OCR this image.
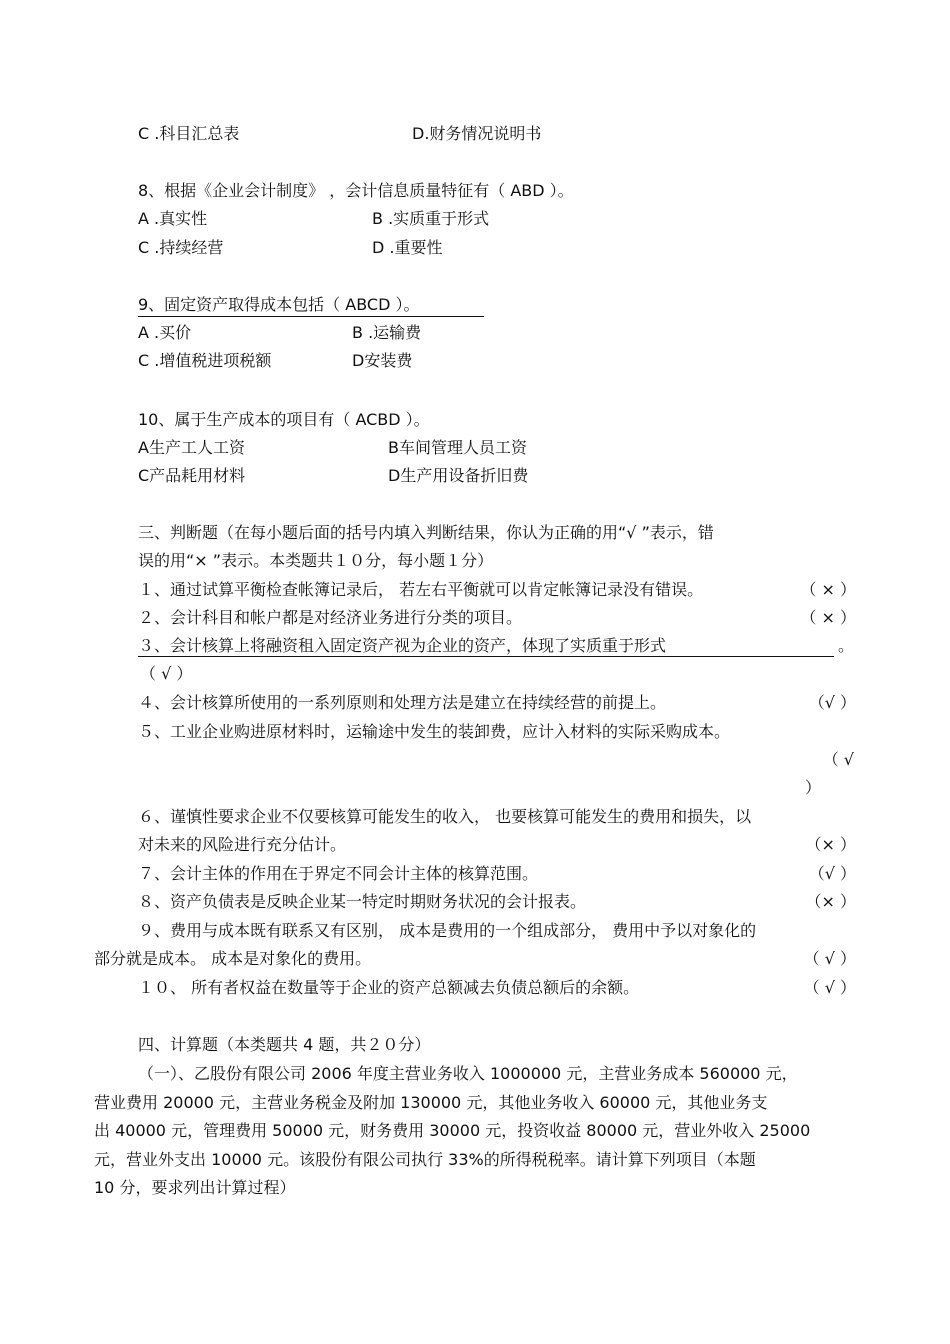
C .科目汇总表	D.财务情况说明书
8、根据《企业会计制度》 ，会计信息质量特征有（ ABD ）。
A .真实性	B .实质重于形式
C .持续经营	D .重要性
9、固定资产取得成本包括（ ABCD ）。
A .买价	B .运输费
C .增值税进项税额	D安装费
10、属于生产成本的项目有（ ACBD ）。
A生产工人工资	B车间管理人员工资
C产品耗用材料	D生产用设备折旧费
三、判断题（在每小题后面的括号内填入判断结果，你认为正确的用“√ ”表示，错
误的用“× ”表示。本类题共１０分，每小题１分）
１、通过试算平衡检查帐簿记录后， 若左右平衡就可以肯定帐簿记录没有错误。	（ × ）
２、会计科目和帐户都是对经济业务进行分类的项目。	（ × ）
３、会计核算上将融资租入固定资产视为企业的资产，体现了实质重于形式	。
（ √ ）
４、会计核算所使用的一系列原则和处理方法是建立在持续经营的前提上。	（√ ）
５、工业企业购进原材料时，运输途中发生的装卸费，应计入材料的实际采购成本。
（ √
）
６、谨慎性要求企业不仅要核算可能发生的收入， 也要核算可能发生的费用和损失，以
对未来的风险进行充分估计。	（× ）
７、会计主体的作用在于界定不同会计主体的核算范围。	（√ ）
８、资产负债表是反映企业某一特定时期财务状况的会计报表。	（× ）
９、费用与成本既有联系又有区别， 成本是费用的一个组成部分， 费用中予以对象化的
部分就是成本。 成本是对象化的费用。	（ √ ）
１０、 所有者权益在数量等于企业的资产总额减去负债总额后的余额。	（ √ ）
四、计算题（本类题共 4 题，共２０分）
（一）、乙股份有限公司 2006 年度主营业务收入 1000000 元，主营业务成本 560000 元，
营业费用 20000 元，主营业务税金及附加 130000 元，其他业务收入 60000 元，其他业务支
出 40000 元，管理费用 50000 元，财务费用 30000 元，投资收益 80000 元，营业外收入 25000
元，营业外支出 10000 元。该股份有限公司执行 33%的所得税税率。请计算下列项目（本题
10 分，要求列出计算过程）
